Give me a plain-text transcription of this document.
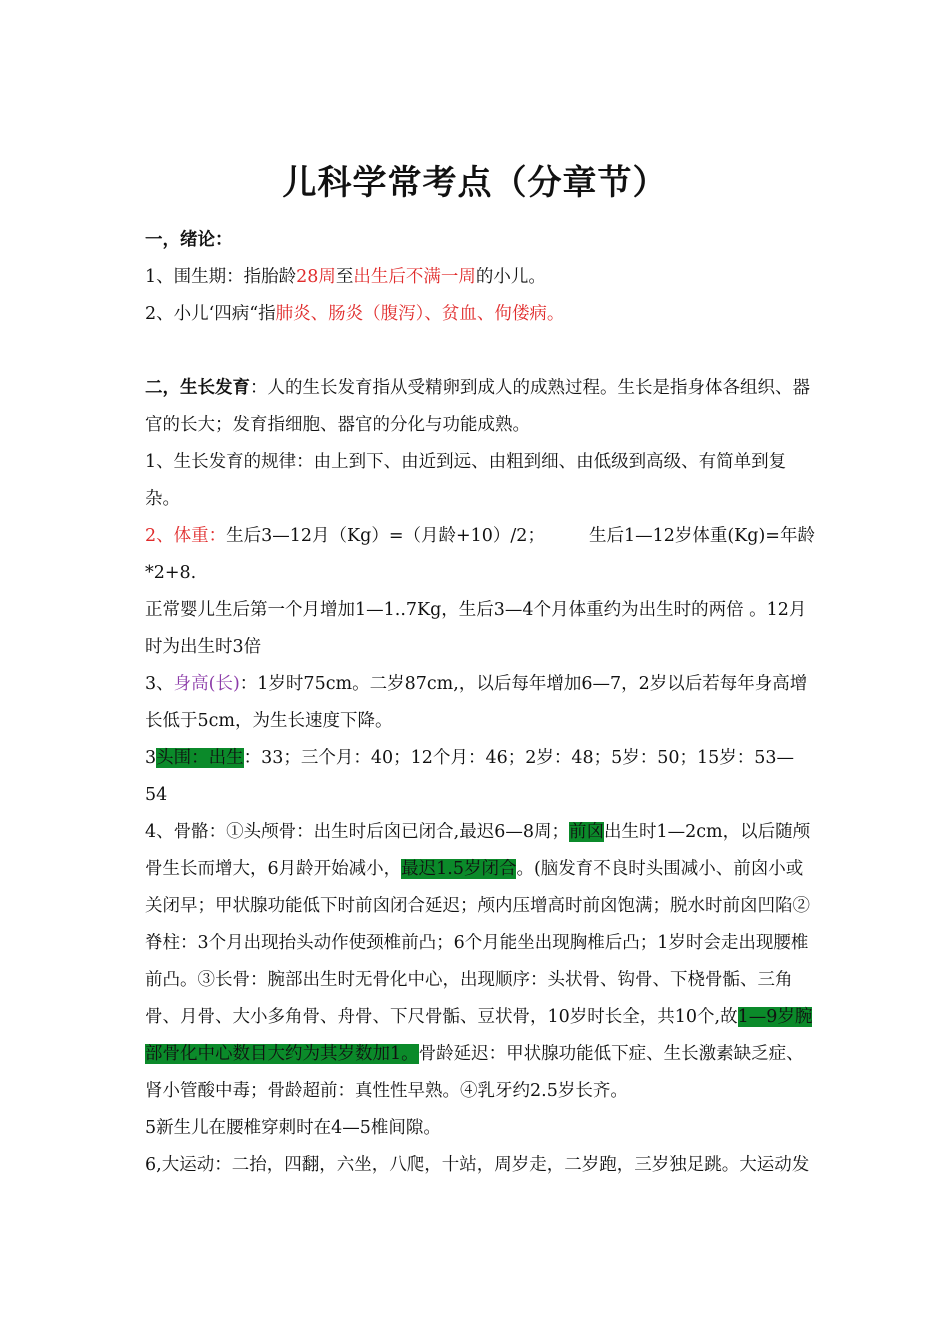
儿科学常考点（分章节）

一，绪论：

1、围生期：指胎龄28周至出生后不满一周的小儿。

2、小儿‘四病“指肺炎、肠炎（腹泻）、贫血、佝偻病。

二，生长发育：人的生长发育指从受精卵到成人的成熟过程。生长是指身体各组织、器官的长大；发育指细胞、器官的分化与功能成熟。

1、生长发育的规律：由上到下、由近到远、由粗到细、由低级到高级、有简单到复杂。

2、体重：生后3—12月（Kg）=（月龄+10）/2；	生后1—12岁体重(Kg)=年龄*2+8.

正常婴儿生后第一个月增加1—1..7Kg，生后3—4个月体重约为出生时的两倍 。12月时为出生时3倍

3、身高(长)：1岁时75cm。二岁87cm,，以后每年增加6—7，2岁以后若每年身高增长低于5cm，为生长速度下降。

3头围：出生：33；三个月：40；12个月：46；2岁：48；5岁：50；15岁：53—54

4、骨骼：①头颅骨：出生时后囟已闭合,最迟6—8周；前囟出生时1—2cm，以后随颅骨生长而增大，6月龄开始减小，最迟1.5岁闭合。(脑发育不良时头围减小、前囟小或关闭早；甲状腺功能低下时前囟闭合延迟；颅内压增高时前囟饱满；脱水时前囟凹陷②脊柱：3个月出现抬头动作使颈椎前凸；6个月能坐出现胸椎后凸；1岁时会走出现腰椎前凸。③长骨：腕部出生时无骨化中心，出现顺序：头状骨、钩骨、下桡骨骺、三角骨、月骨、大小多角骨、舟骨、下尺骨骺、豆状骨，10岁时长全，共10个,故1—9岁腕部骨化中心数目大约为其岁数加1。骨龄延迟：甲状腺功能低下症、生长激素缺乏症、肾小管酸中毒；骨龄超前：真性性早熟。④乳牙约2.5岁长齐。

5新生儿在腰椎穿刺时在4—5椎间隙。

6,大运动：二抬，四翻，六坐，八爬，十站，周岁走，二岁跑，三岁独足跳。大运动发
